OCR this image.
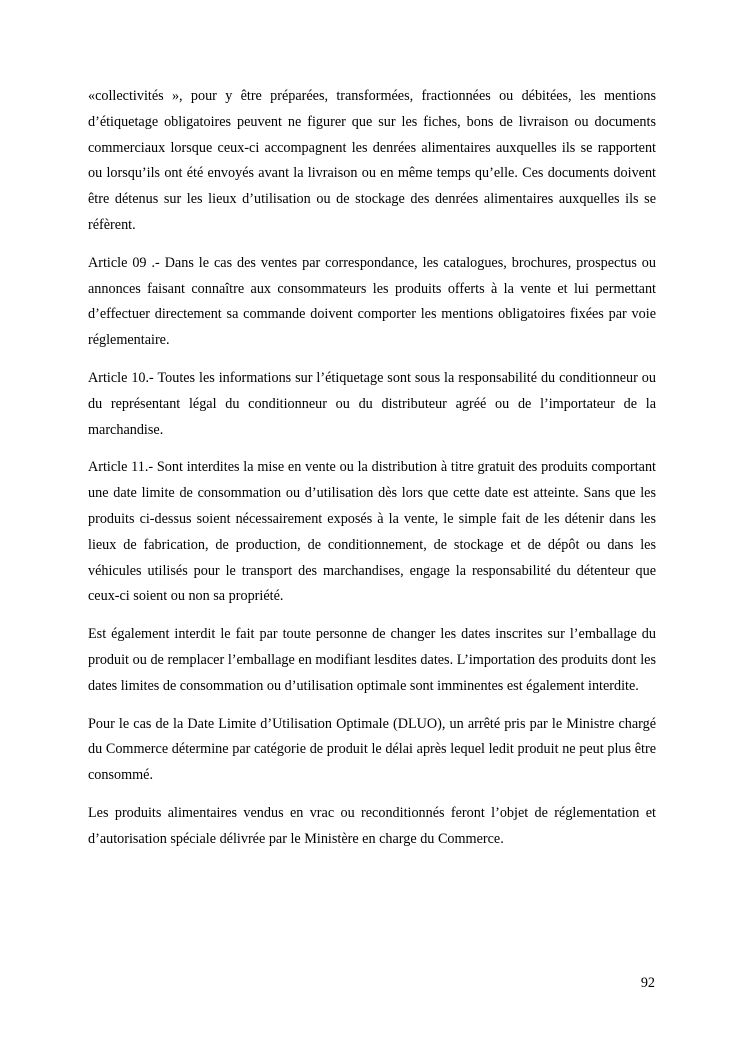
«collectivités », pour y être préparées, transformées, fractionnées ou débitées, les mentions d’étiquetage obligatoires peuvent ne figurer que sur les fiches, bons de livraison ou documents commerciaux lorsque ceux-ci accompagnent les denrées alimentaires auxquelles ils se rapportent ou lorsqu’ils ont été envoyés avant la livraison ou en même temps qu’elle. Ces documents doivent être détenus sur les lieux d’utilisation ou de stockage des denrées alimentaires auxquelles ils se réfèrent.

Article 09 .- Dans le cas des ventes par correspondance, les catalogues, brochures, prospectus ou annonces faisant connaître aux consommateurs les produits offerts à la vente et lui permettant d’effectuer directement sa commande doivent comporter les mentions obligatoires fixées par voie réglementaire.

Article 10.- Toutes les informations sur l’étiquetage sont sous la responsabilité du conditionneur ou du représentant légal du conditionneur ou du distributeur agréé ou de l’importateur de la marchandise.

Article 11.- Sont interdites la mise en vente ou la distribution à titre gratuit des produits comportant une date limite de consommation ou d’utilisation dès lors que cette date est atteinte. Sans que les produits ci-dessus soient nécessairement exposés à la vente, le simple fait de les détenir dans les lieux de fabrication, de production, de conditionnement, de stockage et de dépôt ou dans les véhicules utilisés pour le transport des marchandises, engage la responsabilité du détenteur que ceux-ci soient ou non sa propriété.

Est également interdit le fait par toute personne de changer les dates inscrites sur l’emballage du produit ou de remplacer l’emballage en modifiant lesdites dates. L’importation des produits dont les dates limites de consommation ou d’utilisation optimale sont imminentes est également interdite.

Pour le cas de la Date Limite d’Utilisation Optimale (DLUO), un arrêté pris par le Ministre chargé du Commerce détermine par catégorie de produit le délai après lequel ledit produit ne peut plus être consommé.

Les produits alimentaires vendus en vrac ou reconditionnés feront l’objet de réglementation et d’autorisation spéciale délivrée par le Ministère en charge du Commerce.

92
